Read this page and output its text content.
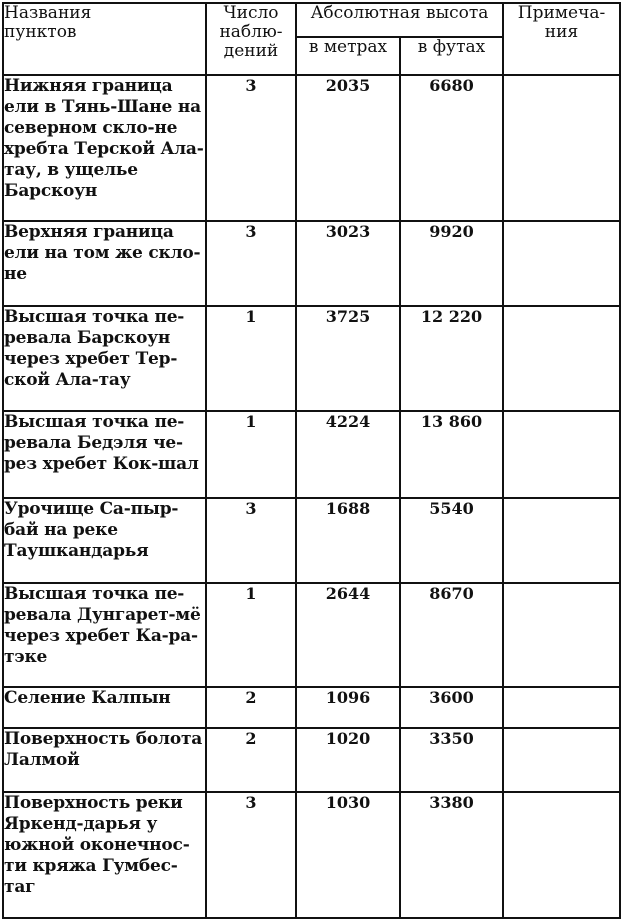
Названия пунктов	Число наблю-дений	Абсолютная высота		Примеча-ния

		в метрах	в футах	
Нижняя граница ели в Тянь-Шане на северном скло-не хребта Терской Ала-тау, в ущелье Барскоун	3	2035	6680	
Верхняя граница ели на том же скло-не	3	3023	9920	
Высшая точка пе-ревала Барскоун через хребет Тер-ской Ала-тау	1	3725	12 220	
Высшая точка пе-ревала Бедэля че-рез хребет Кок-шал	1	4224	13 860	
Урочище Са-пыр-бай на реке Таушкандарья	3	1688	5540	
Высшая точка пе-ревала Дунгарет-мё через хребет Ка-ра-тэке	1	2644	8670	
Селение Калпын	2	1096	3600	
Поверхность болота Лалмой	2	1020	3350	
Поверхность реки Яркенд-дарья у южной оконечнос-ти кряжа Гумбес-таг	3	1030	3380	
